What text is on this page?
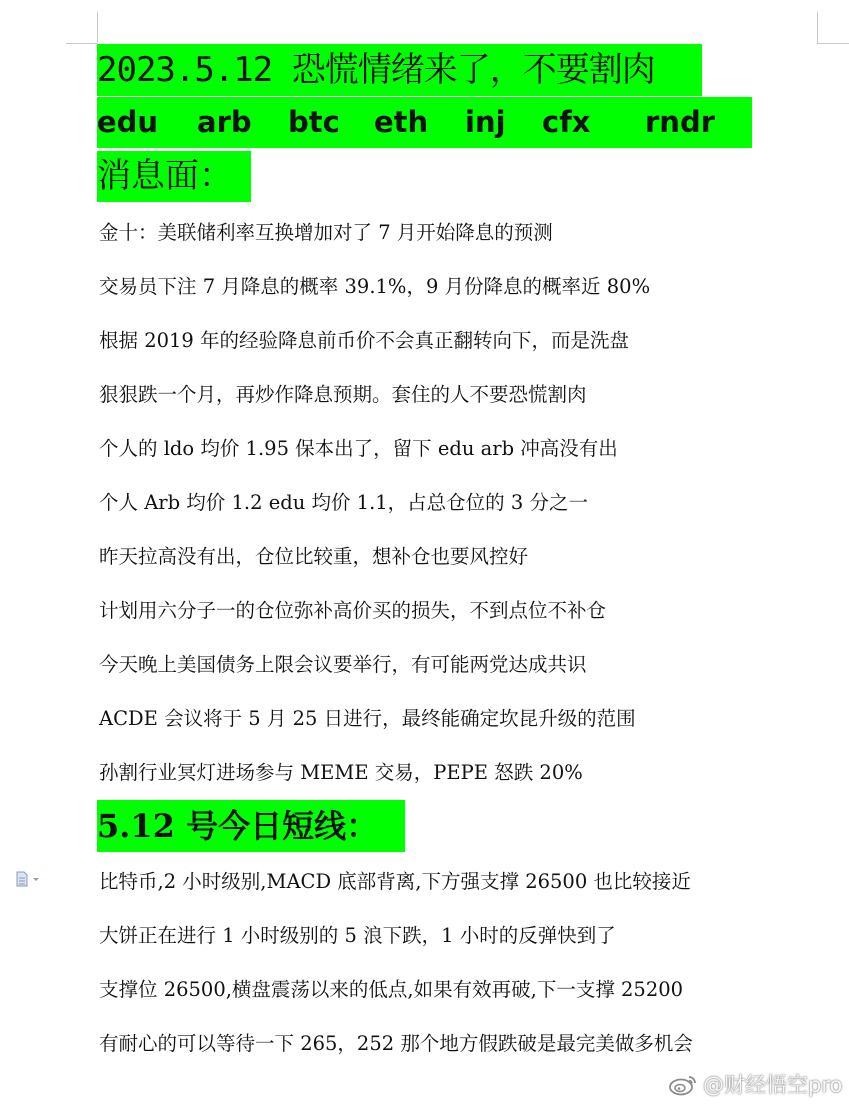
2023.5.12 恐慌情绪来了，不要割肉
edu arb btc eth inj cfx rndr
消息面：
金十：美联储利率互换增加对了 7 月开始降息的预测
交易员下注 7 月降息的概率 39.1%，9 月份降息的概率近 80%
根据 2019 年的经验降息前币价不会真正翻转向下，而是洗盘
狠狠跌一个月，再炒作降息预期。套住的人不要恐慌割肉
个人的 ldo 均价 1.95 保本出了，留下 edu arb 冲高没有出
个人 Arb 均价 1.2 edu 均价 1.1，占总仓位的 3 分之一
昨天拉高没有出，仓位比较重，想补仓也要风控好
计划用六分子一的仓位弥补高价买的损失，不到点位不补仓
今天晚上美国债务上限会议要举行，有可能两党达成共识
ACDE 会议将于 5 月 25 日进行，最终能确定坎昆升级的范围
孙割行业冥灯进场参与 MEME 交易，PEPE 怒跌 20%
5.12 号今日短线：
比特币,2 小时级别,MACD 底部背离,下方强支撑 26500 也比较接近
大饼正在进行 1 小时级别的 5 浪下跌，1 小时的反弹快到了
支撑位 26500,横盘震荡以来的低点,如果有效再破,下一支撑 25200
有耐心的可以等待一下 265，252 那个地方假跌破是最完美做多机会
@财经悟空pro
